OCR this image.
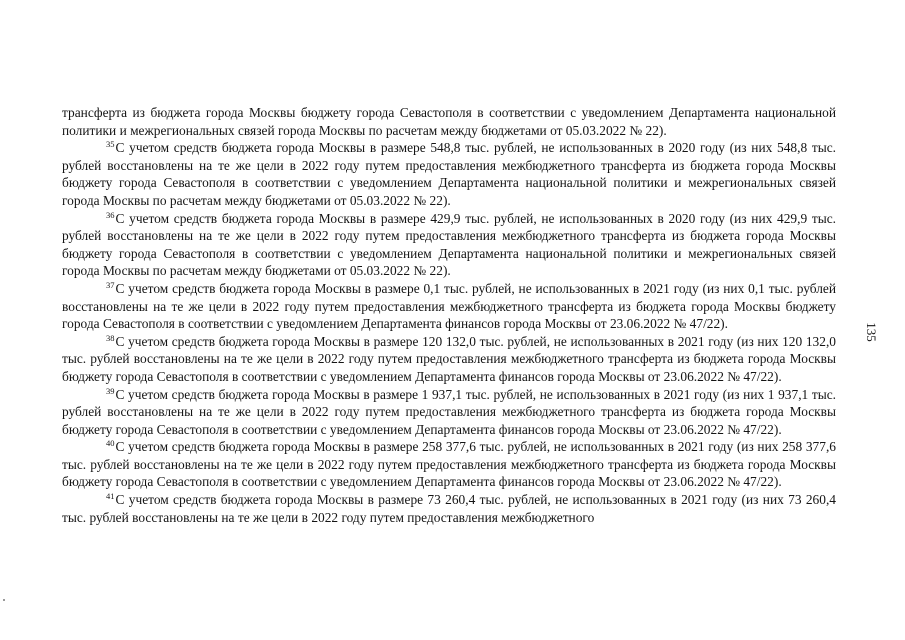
трансферта из бюджета города Москвы бюджету города Севастополя в соответствии с уведомлением Департамента национальной политики и межрегиональных связей города Москвы по расчетам между бюджетами от 05.03.2022 № 22).

$^{35}$С учетом средств бюджета города Москвы в размере 548,8 тыс. рублей, не использованных в 2020 году (из них 548,8 тыс. рублей восстановлены на те же цели в 2022 году путем предоставления межбюджетного трансферта из бюджета города Москвы бюджету города Севастополя в соответствии с уведомлением Департамента национальной политики и межрегиональных связей города Москвы по расчетам между бюджетами от 05.03.2022 № 22).

$^{36}$С учетом средств бюджета города Москвы в размере 429,9 тыс. рублей, не использованных в 2020 году (из них 429,9 тыс. рублей восстановлены на те же цели в 2022 году путем предоставления межбюджетного трансферта из бюджета города Москвы бюджету города Севастополя в соответствии с уведомлением Департамента национальной политики и межрегиональных связей города Москвы по расчетам между бюджетами от 05.03.2022 № 22).

$^{37}$С учетом средств бюджета города Москвы в размере 0,1 тыс. рублей, не использованных в 2021 году (из них 0,1 тыс. рублей восстановлены на те же цели в 2022 году путем предоставления межбюджетного трансферта из бюджета города Москвы бюджету города Севастополя в соответствии с уведомлением Департамента финансов города Москвы от 23.06.2022 № 47/22).

$^{38}$С учетом средств бюджета города Москвы в размере 120 132,0 тыс. рублей, не использованных в 2021 году (из них 120 132,0 тыс. рублей восстановлены на те же цели в 2022 году путем предоставления межбюджетного трансферта из бюджета города Москвы бюджету города Севастополя в соответствии с уведомлением Департамента финансов города Москвы от 23.06.2022 № 47/22).

$^{39}$С учетом средств бюджета города Москвы в размере 1 937,1 тыс. рублей, не использованных в 2021 году (из них 1 937,1 тыс. рублей восстановлены на те же цели в 2022 году путем предоставления межбюджетного трансферта из бюджета города Москвы бюджету города Севастополя в соответствии с уведомлением Департамента финансов города Москвы от 23.06.2022 № 47/22).

$^{40}$С учетом средств бюджета города Москвы в размере 258 377,6 тыс. рублей, не использованных в 2021 году (из них 258 377,6 тыс. рублей восстановлены на те же цели в 2022 году путем предоставления межбюджетного трансферта из бюджета города Москвы бюджету города Севастополя в соответствии с уведомлением Департамента финансов города Москвы от 23.06.2022 № 47/22).

$^{41}$С учетом средств бюджета города Москвы в размере 73 260,4 тыс. рублей, не использованных в 2021 году (из них 73 260,4 тыс. рублей восстановлены на те же цели в 2022 году путем предоставления межбюджетного

135
